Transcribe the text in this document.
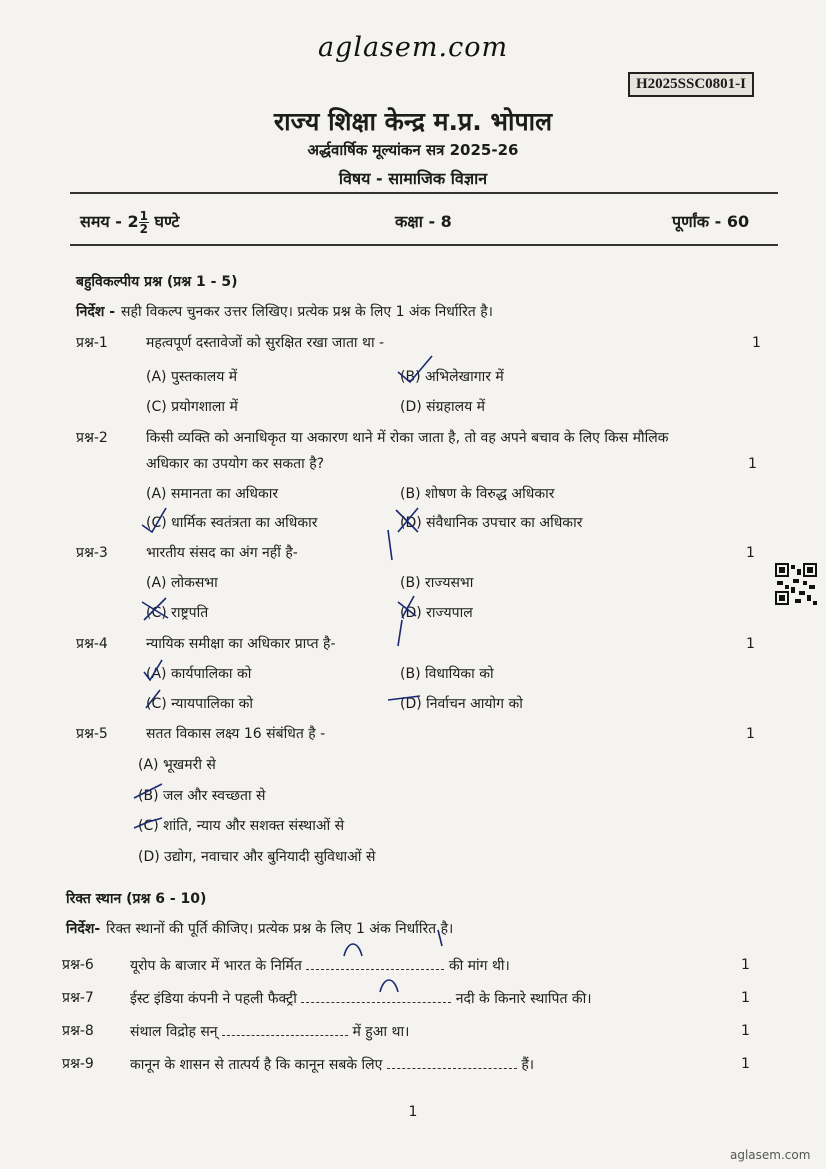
aglasem.com
H2025SSC0801-I
राज्य शिक्षा केन्द्र म.प्र. भोपाल
अर्द्धवार्षिक मूल्यांकन सत्र 2025-26
विषय - सामाजिक विज्ञान
समय - $2 \frac{1}{2}$ घण्टे	कक्षा - 8	पूर्णांक - 60
बहुविकल्पीय प्रश्न (प्रश्न 1 - 5)
निर्देश - सही विकल्प चुनकर उत्तर लिखिए। प्रत्येक प्रश्न के लिए 1 अंक निर्धारित है।
प्रश्न-1	महत्वपूर्ण दस्तावेजों को सुरक्षित रखा जाता था -	1
(A) पुस्तकालय में	(B) अभिलेखागार में
(C) प्रयोगशाला में	(D) संग्रहालय में
प्रश्न-2	किसी व्यक्ति को अनाधिकृत या अकारण थाने में रोका जाता है, तो वह अपने बचाव के लिए किस मौलिक
अधिकार का उपयोग कर सकता है?	1
(A) समानता का अधिकार	(B) शोषण के विरुद्ध अधिकार
(C) धार्मिक स्वतंत्रता का अधिकार	(D) संवैधानिक उपचार का अधिकार
प्रश्न-3	भारतीय संसद का अंग नहीं है-	1
(A) लोकसभा	(B) राज्यसभा
(C) राष्ट्रपति	(D) राज्यपाल
प्रश्न-4	न्यायिक समीक्षा का अधिकार प्राप्त है-	1
(A) कार्यपालिका को	(B) विधायिका को
(C) न्यायपालिका को	(D) निर्वाचन आयोग को
प्रश्न-5	सतत विकास लक्ष्य 16 संबंधित है -	1
(A) भूखमरी से
(B) जल और स्वच्छता से
(C) शांति, न्याय और सशक्त संस्थाओं से
(D) उद्योग, नवाचार और बुनियादी सुविधाओं से
रिक्त स्थान (प्रश्न 6 - 10)
निर्देश- रिक्त स्थानों की पूर्ति कीजिए। प्रत्येक प्रश्न के लिए 1 अंक निर्धारित है।
प्रश्न-6	यूरोप के बाजार में भारत के निर्मित	की मांग थी।	1
प्रश्न-7	ईस्ट इंडिया कंपनी ने पहली फैक्ट्री	नदी के किनारे स्थापित की।	1
प्रश्न-8	संथाल विद्रोह सन्	में हुआ था।	1
प्रश्न-9	कानून के शासन से तात्पर्य है कि कानून सबके लिए	हैं।	1
1
aglasem.com
